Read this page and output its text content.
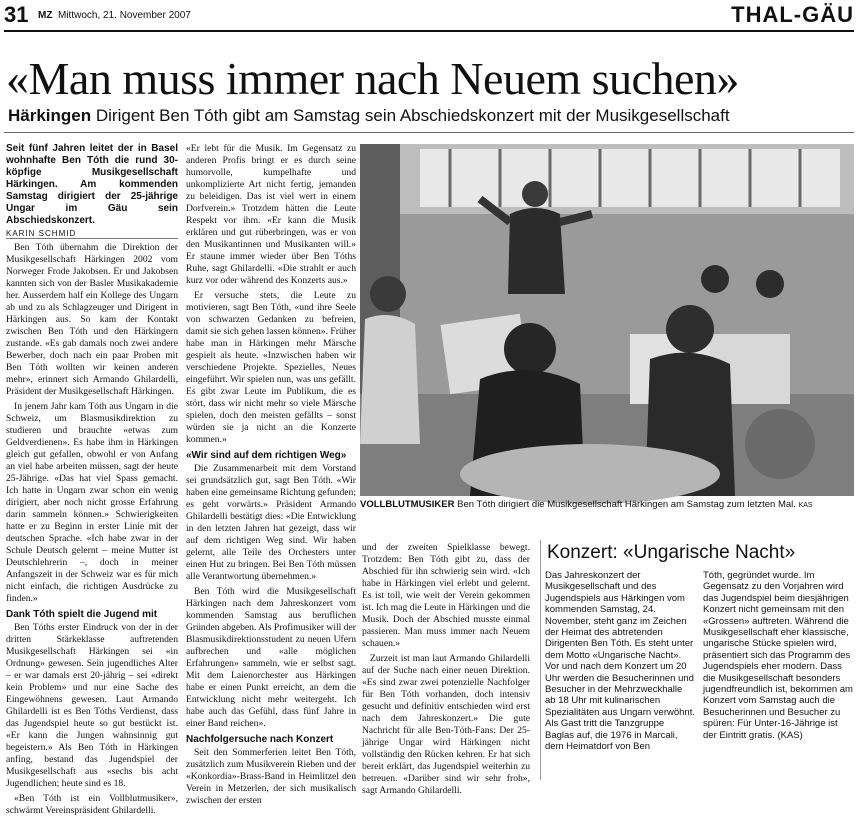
31 MZ Mittwoch, 21. November 2007	THAL-GÄU
«Man muss immer nach Neuem suchen»
Härkingen Dirigent Ben Tóth gibt am Samstag sein Abschiedskonzert mit der Musikgesellschaft
Seit fünf Jahren leitet der in Basel wohnhafte Ben Tóth die rund 30-köpfige Musikgesellschaft Härkingen. Am kommenden Samstag dirigiert der 25-jährige Ungar im Gäu sein Abschiedskonzert.
KARIN SCHMID

Ben Tóth übernahm die Direktion der Musikgesellschaft Härkingen 2002 vom Norweger Frode Jakobsen. Er und Jakobsen kannten sich von der Basler Musikakademie her. Ausserdem half ein Kollege des Ungarn ab und zu als Schlagzeuger und Dirigent in Härkingen aus. So kam der Kontakt zwischen Ben Tóth und den Härkingern zustande. «Es gab damals noch zwei andere Bewerber, doch nach ein paar Proben mit Ben Tóth wollten wir keinen anderen mehr», erinnert sich Armando Ghilardelli, Präsident der Musikgesellschaft Härkingen.

In jenem Jahr kam Tóth aus Ungarn in die Schweiz, um Blasmusikdirektion zu studieren und brauchte «etwas zum Geldverdienen». Es habe ihm in Härkingen gleich gut gefallen, obwohl er von Anfang an viel habe arbeiten müssen, sagt der heute 25-Jährige. «Das hat viel Spass gemacht. Ich hatte in Ungarn zwar schon ein wenig dirigiert, aber noch nicht grosse Erfahrung darin sammeln können.» Schwierigkeiten hatte er zu Beginn in erster Linie mit der deutschen Sprache. «Ich habe zwar in der Schule Deutsch gelernt – meine Mutter ist Deutschlehrerin –, doch in meiner Anfangszeit in der Schweiz war es für mich nicht einfach, die richtigen Ausdrücke zu finden.»

Dank Tóth spielt die Jugend mit

Ben Tóths erster Eindruck von der in der dritten Stärkeklasse auftretenden Musikgesellschaft Härkingen sei «in Ordnung» gewesen. Sein jugendliches Alter – er war damals erst 20-jährig – sei «direkt kein Problem» und nur eine Sache des Eingewöhnens gewesen. Laut Armando Ghilardelli ist es Ben Tóths Verdienst, dass das Jugendspiel heute so gut bestückt ist. «Er kann die Jungen wahnsinnig gut begeistern.» Als Ben Tóth in Härkingen anfing, bestand das Jugendspiel der Musikgesellschaft aus «sechs bis acht Jugendlichen; heute sind es 18.

«Ben Tóth ist ein Vollblutmusiker», schwärmt Vereinspräsident Ghilardelli.

«Er lebt für die Musik. Im Gegensatz zu anderen Profis bringt er es durch seine humorvolle, kumpelhafte und unkomplizierte Art nicht fertig, jemanden zu beleidigen. Das ist viel wert in einem Dorfverein.» Trotzdem hätten die Leute Respekt vor ihm. «Er kann die Musik erklären und gut rüberbringen, was er von den Musikantinnen und Musikanten will.» Er staune immer wieder über Ben Tóths Ruhe, sagt Ghilardelli. «Die strahlt er auch kurz vor oder während des Konzerts aus.»

Er versuche stets, die Leute zu motivieren, sagt Ben Tóth, «und ihre Seele von schwarzen Gedanken zu befreien, damit sie sich gehen lassen können». Früher habe man in Härkingen mehr Märsche gespielt als heute. «Inzwischen haben wir verschiedene Projekte. Spezielles, Neues eingeführt. Wir spielen nun, was uns gefällt. Es gibt zwar Leute im Publikum, die es stört, dass wir nicht mehr so viele Märsche spielen, doch den meisten gefällts – sonst würden sie ja nicht an die Konzerte kommen.»

«Wir sind auf dem richtigen Weg»

Die Zusammenarbeit mit dem Vorstand sei grundsätzlich gut, sagt Ben Tóth. «Wir haben eine gemeinsame Richtung gefunden; es geht vorwärts.» Präsident Armando Ghilardelli bestätigt dies: «Die Entwicklung in den letzten Jahren hat gezeigt, dass wir auf dem richtigen Weg sind. Wir haben gelernt, alle Teile des Orchesters unter einen Hut zu bringen. Bei Ben Tóth müssen alle Verantwortung übernehmen.»

Ben Tóth wird die Musikgesellschaft Härkingen nach dem Jahreskonzert vom kommenden Samstag aus beruflichen Gründen abgeben. Als Profimusiker will der Blasmusikdirektionsstudent zu neuen Ufern aufbrechen und «alle möglichen Erfahrungen» sammeln, wie er selbst sagt. Mit dem Laienorchester aus Härkingen habe er einen Punkt erreicht, an dem die Entwicklung nicht mehr weitergeht. Ich habe auch das Gefühl, dass fünf Jahre in einer Band reichen».

Nachfolgersuche nach Konzert

Seit den Sommerferien leitet Ben Tóth, zusätzlich zum Musikverein Rieben und der «Konkordia»-Brass-Band in Heimlitzel den Verein in Metzerlen, der sich musikalisch zwischen der ersten

VOLLBLUTMUSIKER Ben Tóth dirigiert die Musikgesellschaft Härkingen am Samstag zum letzten Mal. KAS

und der zweiten Spielklasse bewegt. Trotzdem: Ben Tóth gibt zu, dass der Abschied für ihn schwierig sein wird. «Ich habe in Härkingen viel erlebt und gelernt. Es ist toll, wie weit der Verein gekommen ist. Ich mag die Leute in Härkingen und die Musik. Doch der Abschied musste einmal passieren. Man muss immer nach Neuem schauen.»

Zurzeit ist man laut Armando Ghilardelli auf der Suche nach einer neuen Direktion. «Es sind zwar zwei potenzielle Nachfolger für Ben Tóth vorhanden, doch intensiv gesucht und definitiv entschieden wird erst nach dem Jahreskonzert.» Die gute Nachricht für alle Ben-Tóth-Fans: Der 25-jährige Ungar wird Härkingen nicht vollständig den Rücken kehren. Er hat sich bereit erklärt, das Jugendspiel weiterhin zu betreuen. «Darüber sind wir sehr froh», sagt Armando Ghilardelli.

Konzert: «Ungarische Nacht»
Das Jahreskonzert der Musikgesellschaft und des Jugendspiels aus Härkingen vom kommenden Samstag, 24. November, steht ganz im Zeichen der Heimat des abtretenden Dirigenten Ben Tóth. Es steht unter dem Motto «Ungarische Nacht». Vor und nach dem Konzert um 20 Uhr werden die Besucherinnen und Besucher in der Mehrzweckhalle ab 18 Uhr mit kulinarischen Spezialitäten aus Ungarn verwöhnt. Als Gast tritt die Tanzgruppe Baglas auf, die 1976 in Marcali, dem Heimatdorf von Ben
Tóth, gegründet wurde. Im Gegensatz zu den Vorjahren wird das Jugendspiel beim diesjährigen Konzert nicht gemeinsam mit den «Grossen» auftreten. Während die Musikgesellschaft eher klassische, ungarische Stücke spielen wird, präsentiert sich das Programm des Jugendspiels eher modern. Dass die Musikgesellschaft besonders jugendfreundlich ist, bekommen am Konzert vom Samstag auch die Besucherinnen und Besucher zu spüren: Für Unter-16-Jährige ist der Eintritt gratis. (KAS)
